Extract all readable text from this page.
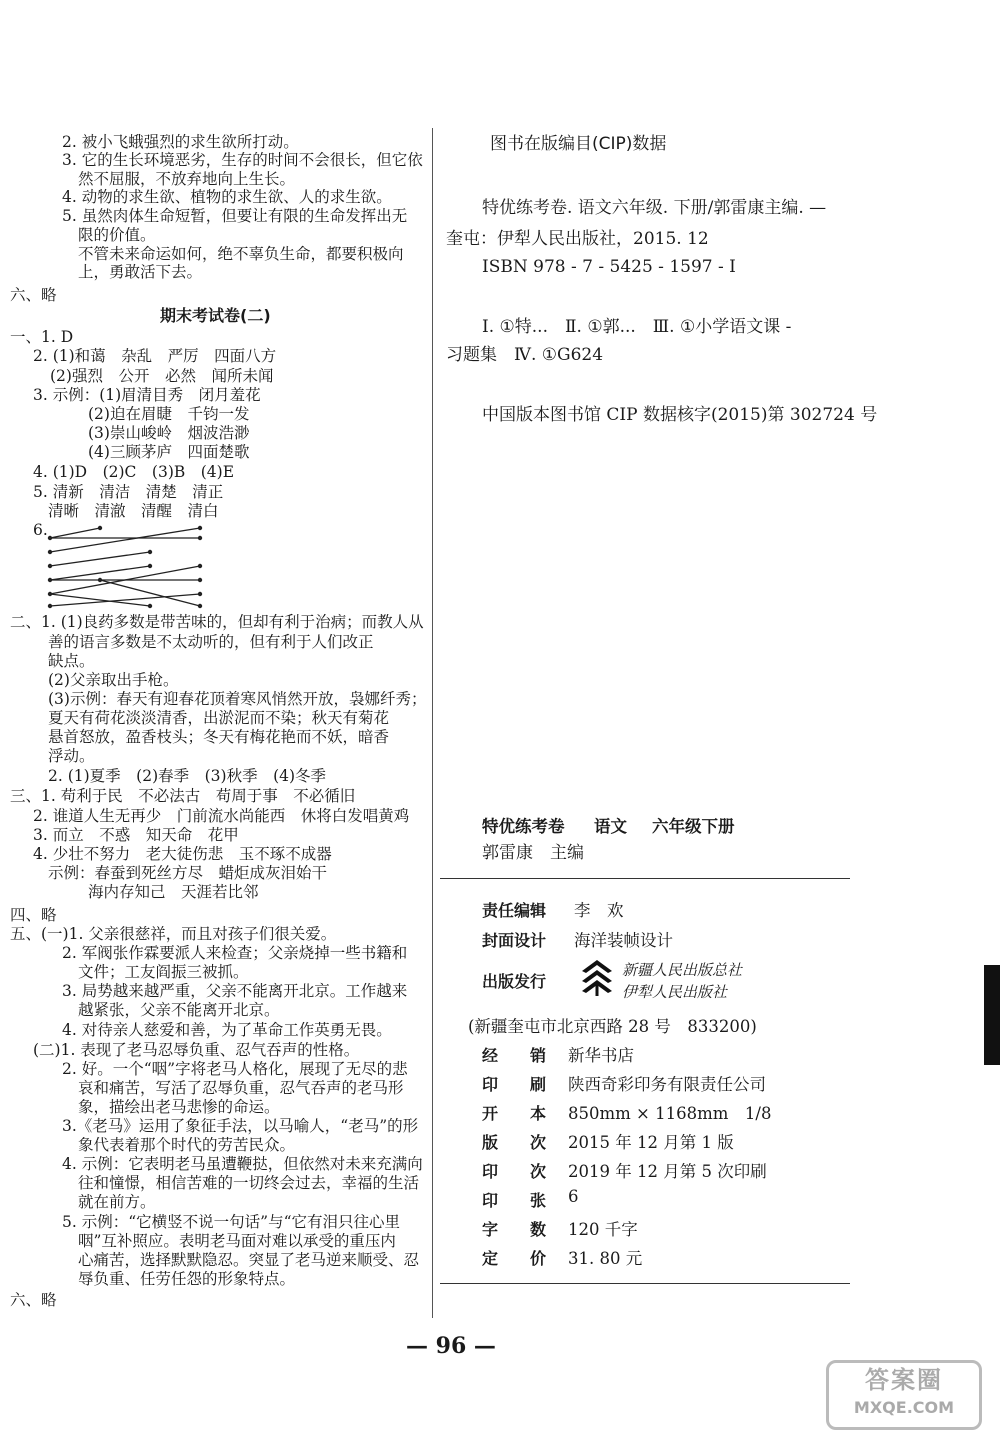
2. 被小飞蛾强烈的求生欲所打动。
3. 它的生长环境恶劣，生存的时间不会很长，但它依
然不屈服，不放弃地向上生长。
4. 动物的求生欲、植物的求生欲、人的求生欲。
5. 虽然肉体生命短暂，但要让有限的生命发挥出无
限的价值。
不管未来命运如何，绝不辜负生命，都要积极向
上，勇敢活下去。
六、略
期末考试卷(二)
一、1. D
2. (1)和蔼　杂乱　严厉　四面八方
(2)强烈　公开　必然　闻所未闻
3. 示例：(1)眉清目秀　闭月羞花
(2)迫在眉睫　千钧一发
(3)崇山峻岭　烟波浩渺
(4)三顾茅庐　四面楚歌
4. (1)D　(2)C　(3)B　(4)E
5. 清新　清洁　清楚　清正
清晰　清澈　清醒　清白
6.
二、1. (1)良药多数是带苦味的，但却有利于治病；而教人从
善的语言多数是不太动听的，但有利于人们改正
缺点。
(2)父亲取出手枪。
(3)示例：春天有迎春花顶着寒风悄然开放，袅娜纤秀；
夏天有荷花淡淡清香，出淤泥而不染；秋天有菊花
悬首怒放，盈香枝头；冬天有梅花艳而不妖，暗香
浮动。
2. (1)夏季　(2)春季　(3)秋季　(4)冬季
三、1. 苟利于民　不必法古　苟周于事　不必循旧
2. 谁道人生无再少　门前流水尚能西　休将白发唱黄鸡
3. 而立　不惑　知天命　花甲
4. 少壮不努力　老大徒伤悲　玉不琢不成器
示例：春蚕到死丝方尽　蜡炬成灰泪始干
海内存知己　天涯若比邻
四、略
五、(一)1. 父亲很慈祥，而且对孩子们很关爱。
2. 军阀张作霖要派人来检查；父亲烧掉一些书籍和
文件；工友阎振三被抓。
3. 局势越来越严重，父亲不能离开北京。工作越来
越紧张，父亲不能离开北京。
4. 对待亲人慈爱和善，为了革命工作英勇无畏。
(二)1. 表现了老马忍辱负重、忍气吞声的性格。
2. 好。一个“咽”字将老马人格化，展现了无尽的悲
哀和痛苦，写活了忍辱负重，忍气吞声的老马形
象，描绘出老马悲惨的命运。
3.《老马》运用了象征手法，以马喻人，“老马”的形
象代表着那个时代的劳苦民众。
4. 示例：它表明老马虽遭鞭挞，但依然对未来充满向
往和憧憬，相信苦难的一切终会过去，幸福的生活
就在前方。
5. 示例：“它横竖不说一句话”与“它有泪只往心里
咽”互补照应。表明老马面对难以承受的重压内
心痛苦，选择默默隐忍。突显了老马逆来顺受、忍
辱负重、任劳任怨的形象特点。
六、略
图书在版编目(CIP)数据
特优练考卷. 语文六年级. 下册/郭雷康主编. —
奎屯：伊犁人民出版社，2015. 12
ISBN 978 - 7 - 5425 - 1597 - I
Ⅰ. ①特...　Ⅱ. ①郭...　Ⅲ. ①小学语文课 -
习题集　Ⅳ. ①G624
中国版本图书馆 CIP 数据核字(2015)第 302724 号
特优练考卷 语文 六年级下册
郭雷康　主编
责任编辑 李　欢
封面设计 海洋装帧设计
出版发行
新疆人民出版总社
伊犁人民出版社
(新疆奎屯市北京西路 28 号　833200)
经　　销 新华书店
印　　刷 陕西奇彩印务有限责任公司
开　　本 850mm × 1168mm　1/8
版　　次 2015 年 12 月第 1 版
印　　次 2019 年 12 月第 5 次印刷
印　　张 6
字　　数 120 千字
定　　价 31. 80 元
— 96 —
答案圈
MXQE.COM
